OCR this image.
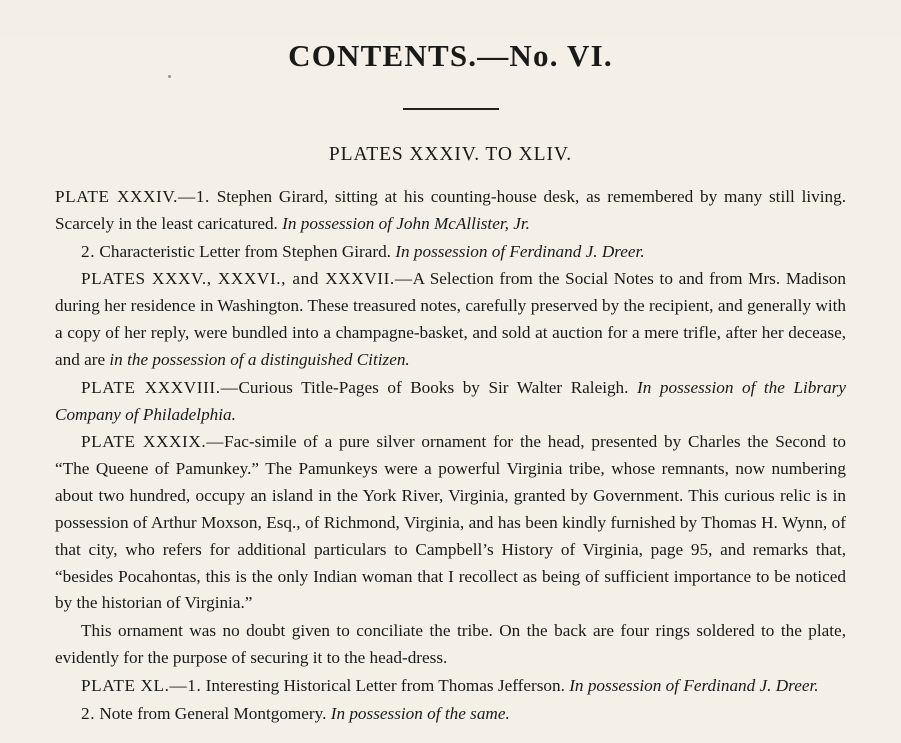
CONTENTS.—No. VI.
PLATES XXXIV. TO XLIV.

PLATE XXXIV.—1. Stephen Girard, sitting at his counting-house desk, as remembered by many still living. Scarcely in the least caricatured. In possession of John McAllister, Jr.

2. Characteristic Letter from Stephen Girard. In possession of Ferdinand J. Dreer.

PLATES XXXV., XXXVI., and XXXVII.—A Selection from the Social Notes to and from Mrs. Madison during her residence in Washington. These treasured notes, carefully preserved by the recipient, and generally with a copy of her reply, were bundled into a champagne-basket, and sold at auction for a mere trifle, after her decease, and are in the possession of a distinguished Citizen.

PLATE XXXVIII.—Curious Title-Pages of Books by Sir Walter Raleigh. In possession of the Library Company of Philadelphia.

PLATE XXXIX.—Fac-simile of a pure silver ornament for the head, presented by Charles the Second to “The Queene of Pamunkey.” The Pamunkeys were a powerful Virginia tribe, whose remnants, now numbering about two hundred, occupy an island in the York River, Virginia, granted by Government. This curious relic is in possession of Arthur Moxson, Esq., of Richmond, Virginia, and has been kindly furnished by Thomas H. Wynn, of that city, who refers for additional particulars to Campbell’s History of Virginia, page 95, and remarks that, “besides Pocahontas, this is the only Indian woman that I recollect as being of sufficient importance to be noticed by the historian of Virginia.”

This ornament was no doubt given to conciliate the tribe. On the back are four rings soldered to the plate, evidently for the purpose of securing it to the head-dress.

PLATE XL.—1. Interesting Historical Letter from Thomas Jefferson. In possession of Ferdinand J. Dreer.

2. Note from General Montgomery. In possession of the same.
